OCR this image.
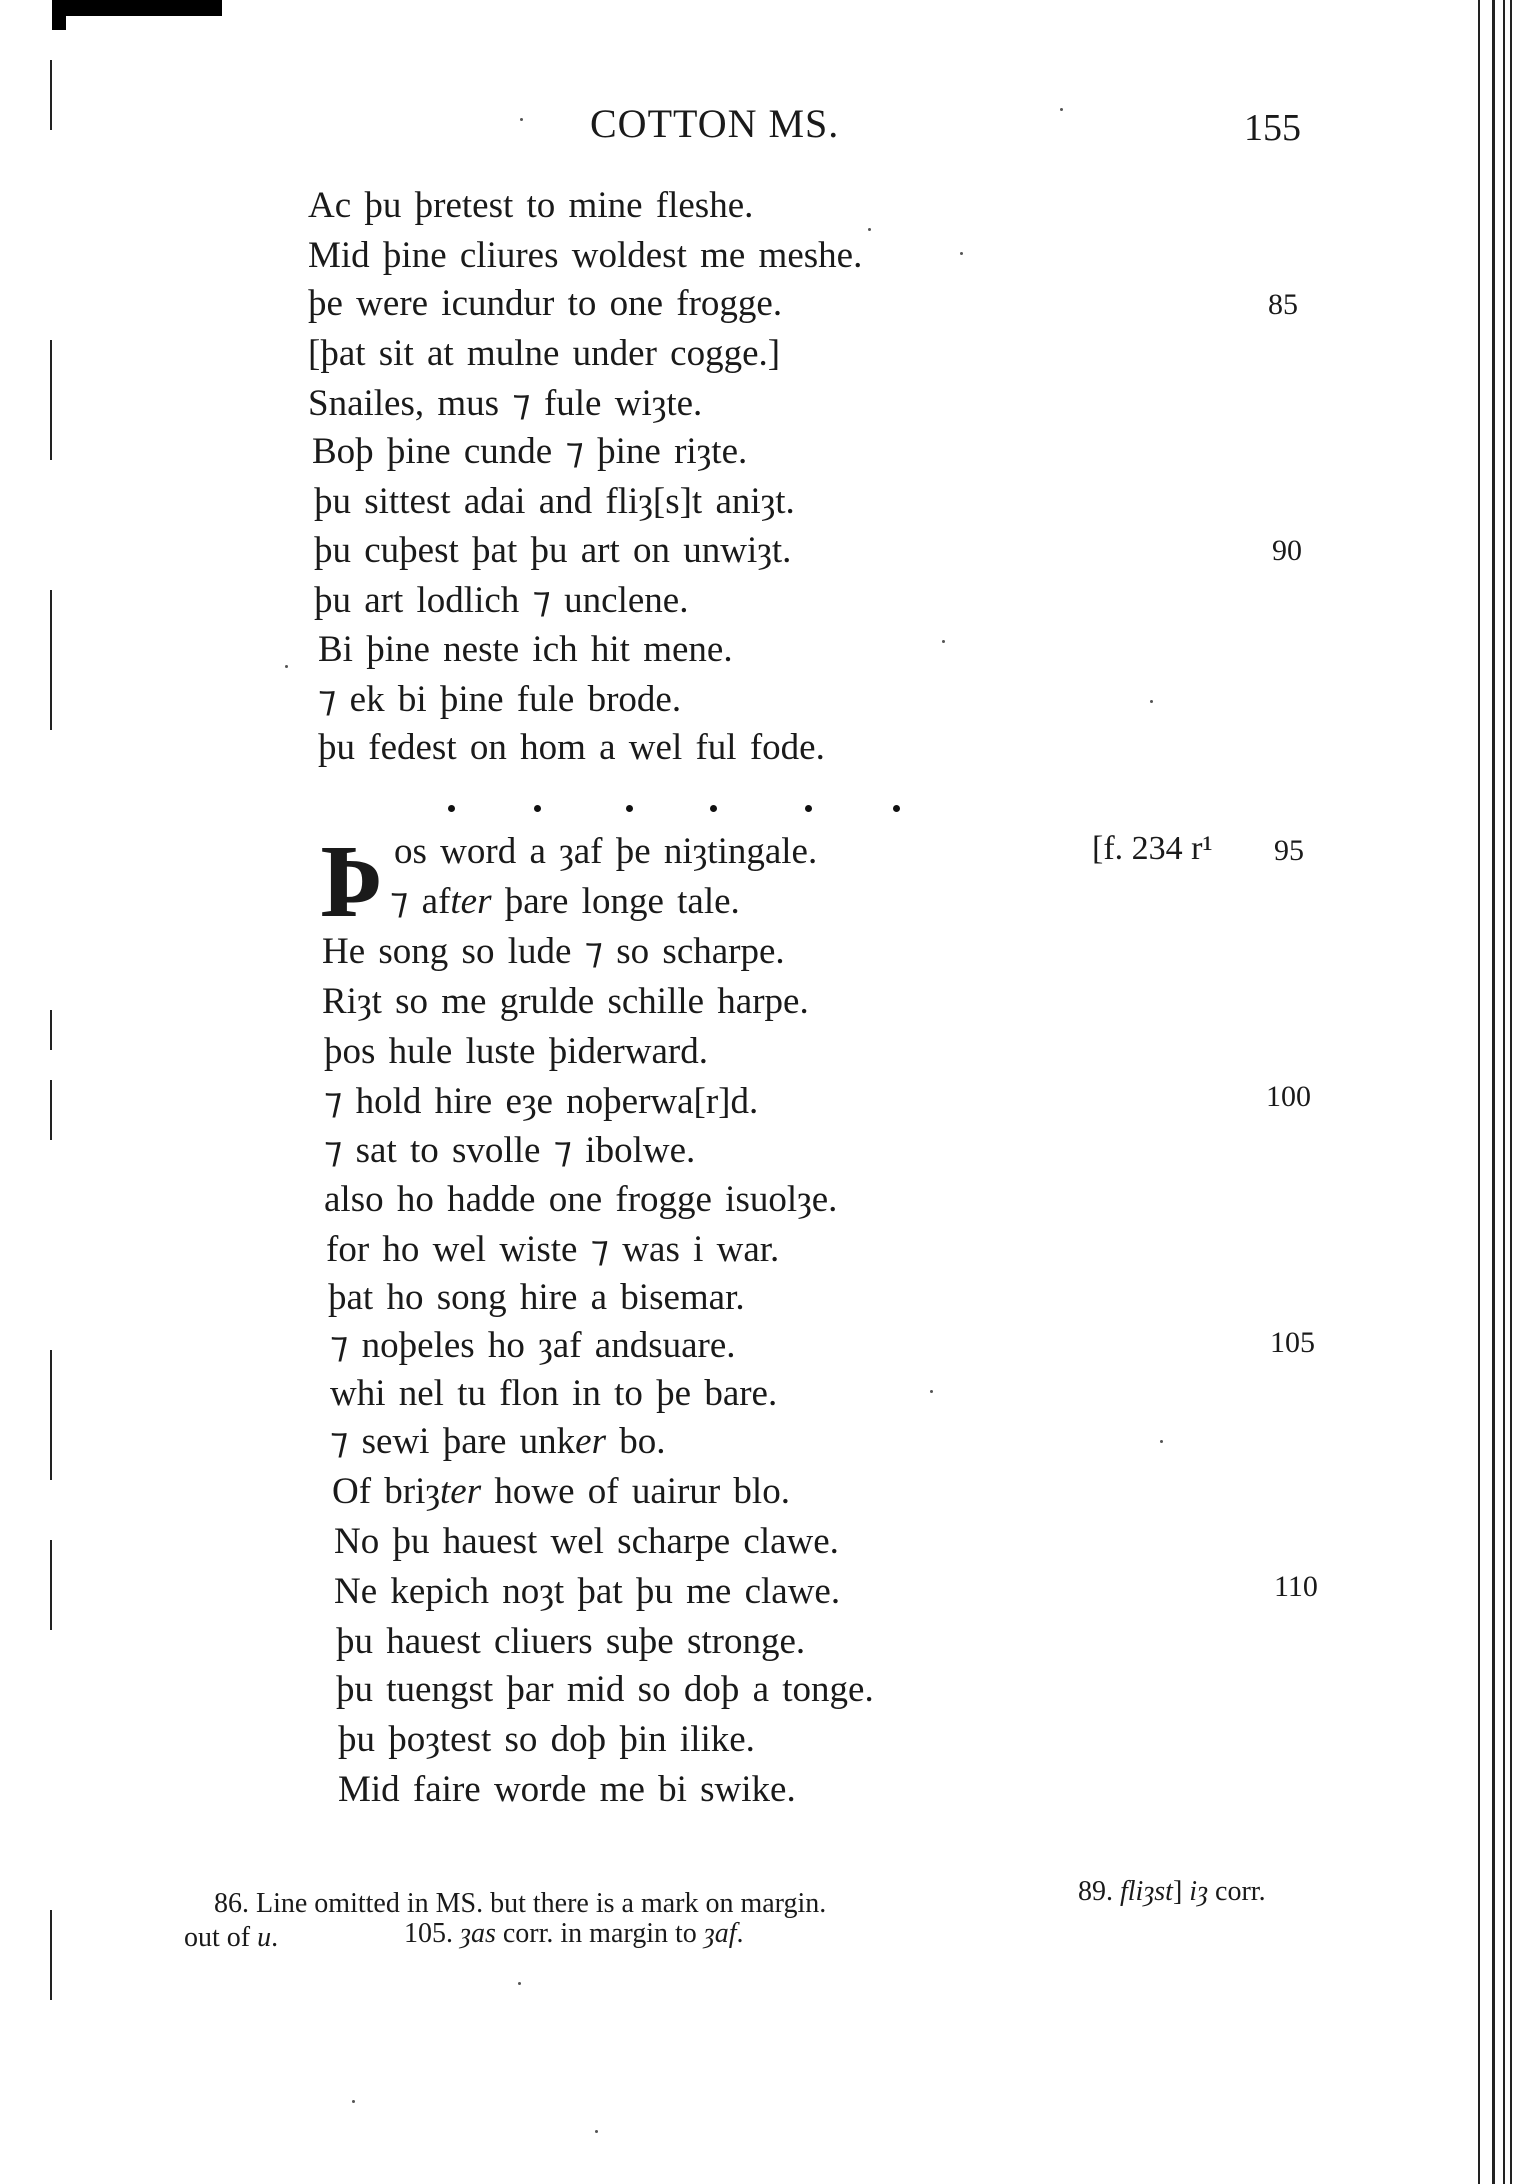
COTTON MS.	155
Ac þu þretest to mine fleshe.
Mid þine cliures woldest me meshe.
þe were icundur to one frogge.
[þat sit at mulne under cogge.]
Snailes, mus ⁊ fule wiȝte.
Boþ þine cunde ⁊ þine riȝte.
þu sittest adai and fliȝ[s]t aniȝt.
þu cuþest þat þu art on unwiȝt.
þu art lodlich ⁊ unclene.
Bi þine neste ich hit mene.
⁊ ek bi þine fule brode.
þu fedest on hom a wel ful fode.
Þ os word a ȝaf þe niȝtingale.
⁊ after þare longe tale.
He song so lude ⁊ so scharpe.
Riȝt so me grulde schille harpe.
þos hule luste þiderward.
⁊ hold hire eȝe noþerwa[r]d.
⁊ sat to svolle ⁊ ibolwe.
also ho hadde one frogge isuolȝe.
for ho wel wiste ⁊ was i war.
þat ho song hire a bisemar.
⁊ noþeles ho ȝaf andsuare.
whi nel tu flon in to þe bare.
⁊ sewi þare unker bo.
Of briȝter howe of uairur blo.
No þu hauest wel scharpe clawe.
Ne kepich noȝt þat þu me clawe.
þu hauest cliuers suþe stronge.
þu tuengst þar mid so doþ a tonge.
þu þoȝtest so doþ þin ilike.
Mid faire worde me bi swike.
[f. 234 r¹
85
90
95
100
105
110
86. Line omitted in MS. but there is a mark on margin.	89. fliȝst] iȝ corr.
out of u.	105. ȝas corr. in margin to ȝaf.
